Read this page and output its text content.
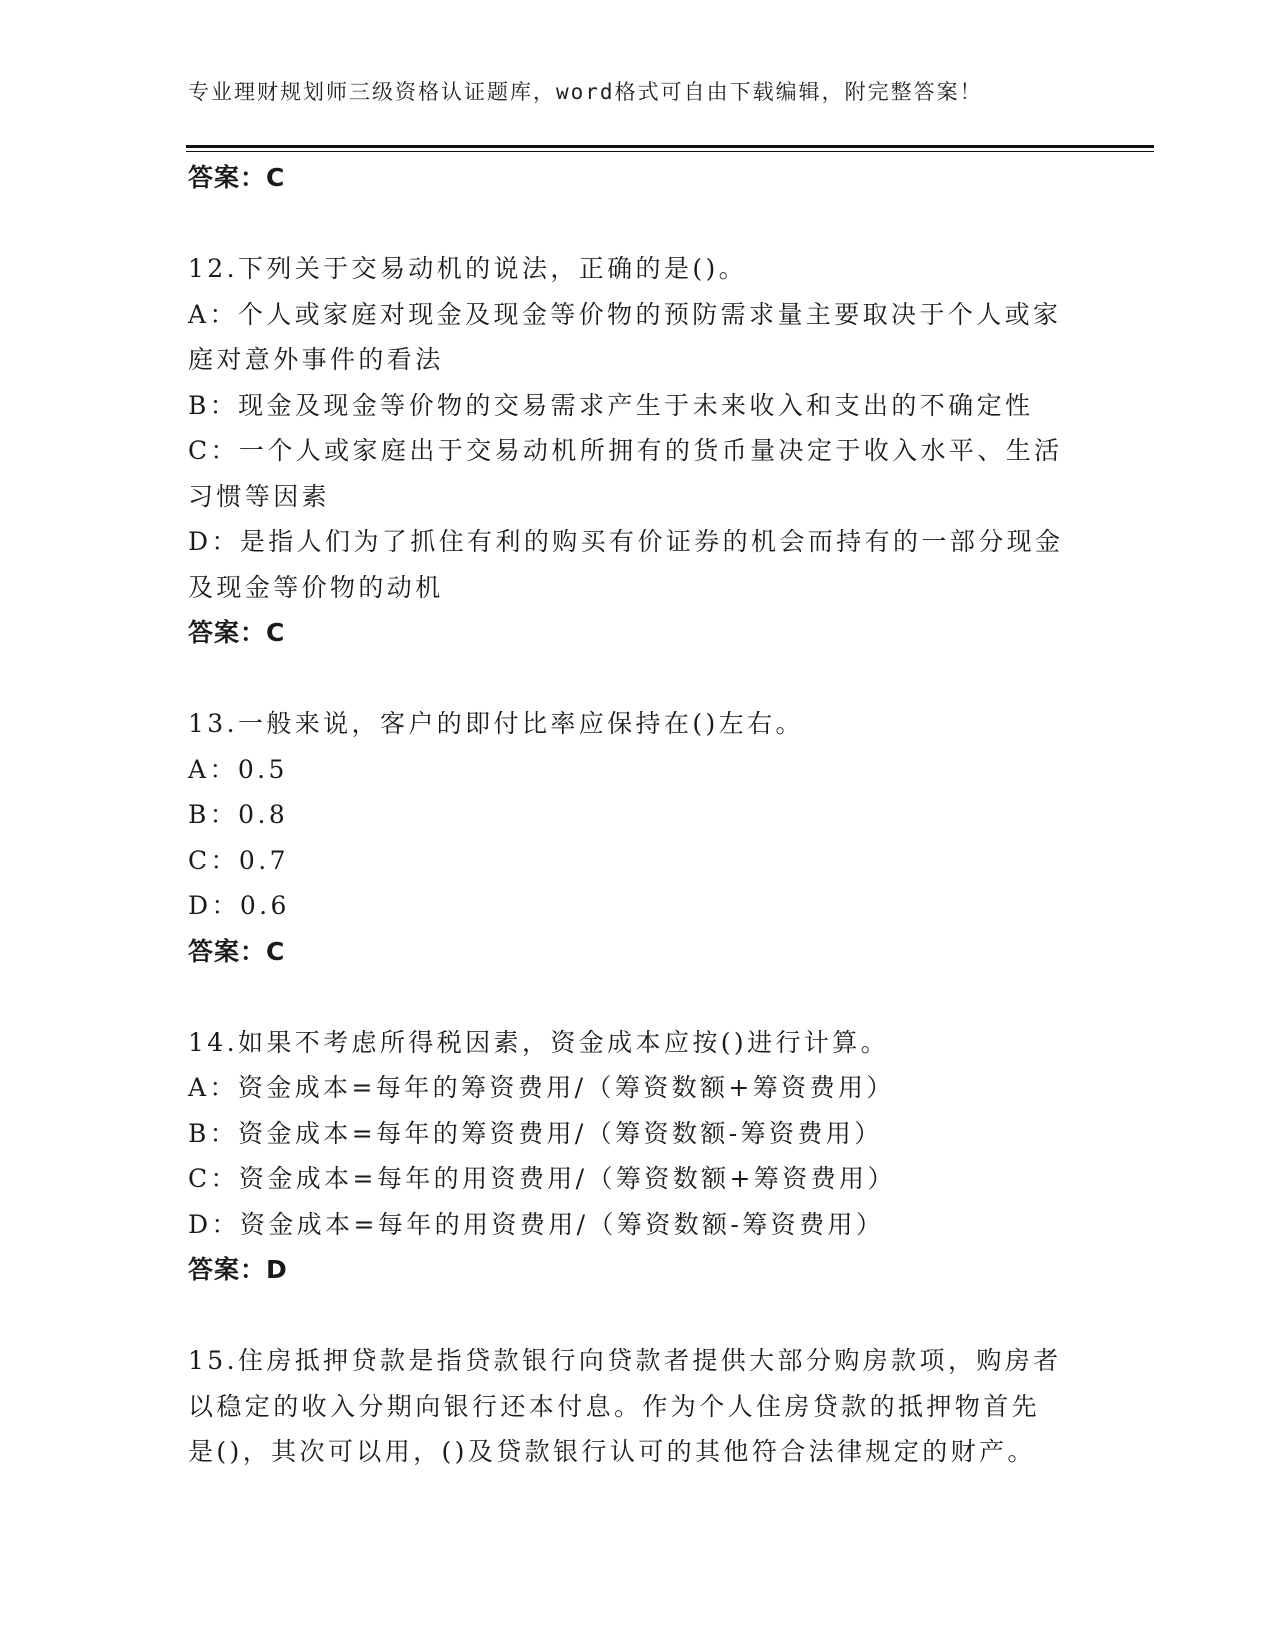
专业理财规划师三级资格认证题库，word格式可自由下载编辑，附完整答案！
答案：C
12.下列关于交易动机的说法，正确的是()。
A：个人或家庭对现金及现金等价物的预防需求量主要取决于个人或家
庭对意外事件的看法
B：现金及现金等价物的交易需求产生于未来收入和支出的不确定性
C：一个人或家庭出于交易动机所拥有的货币量决定于收入水平、生活
习惯等因素
D：是指人们为了抓住有利的购买有价证券的机会而持有的一部分现金
及现金等价物的动机
答案：C
13.一般来说，客户的即付比率应保持在()左右。
A：0.5
B：0.8
C：0.7
D：0.6
答案：C
14.如果不考虑所得税因素，资金成本应按()进行计算。
A：资金成本=每年的筹资费用/（筹资数额+筹资费用）
B：资金成本=每年的筹资费用/（筹资数额-筹资费用）
C：资金成本=每年的用资费用/（筹资数额+筹资费用）
D：资金成本=每年的用资费用/（筹资数额-筹资费用）
答案：D
15.住房抵押贷款是指贷款银行向贷款者提供大部分购房款项，购房者
以稳定的收入分期向银行还本付息。作为个人住房贷款的抵押物首先
是()，其次可以用，()及贷款银行认可的其他符合法律规定的财产。
